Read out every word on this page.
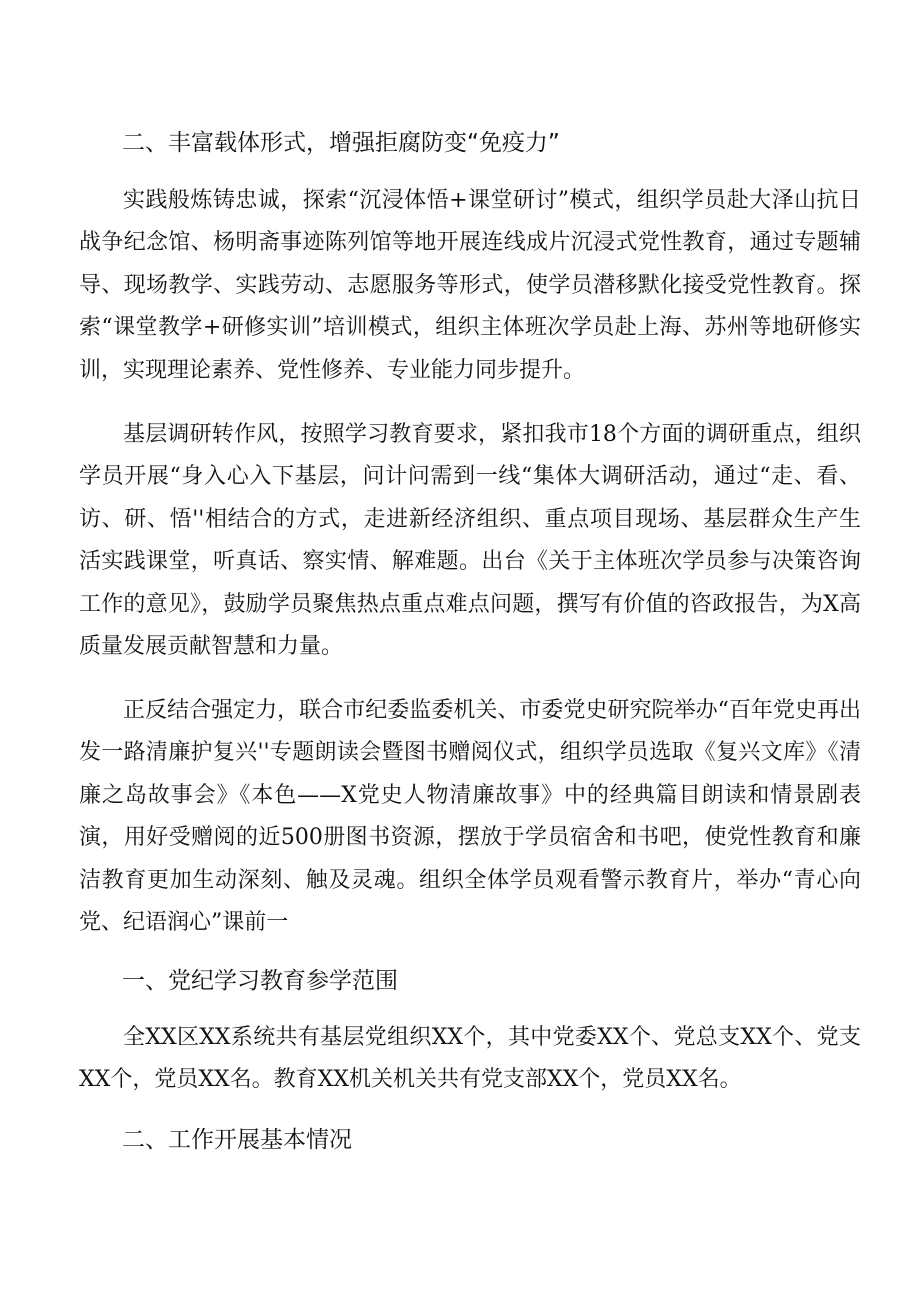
二、丰富载体形式，增强拒腐防变“免疫力”

实践般炼铸忠诚，探索“沉浸体悟+课堂研讨”模式，组织学员赴大泽山抗日战争纪念馆、杨明斋事迹陈列馆等地开展连线成片沉浸式党性教育，通过专题辅导、现场教学、实践劳动、志愿服务等形式，使学员潜移默化接受党性教育。探索“课堂教学+研修实训”培训模式，组织主体班次学员赴上海、苏州等地研修实训，实现理论素养、党性修养、专业能力同步提升。

基层调研转作风，按照学习教育要求，紧扣我市18个方面的调研重点，组织学员开展“身入心入下基层，问计问需到一线“集体大调研活动，通过“走、看、访、研、悟''相结合的方式，走进新经济组织、重点项目现场、基层群众生产生活实践课堂，听真话、察实情、解难题。出台《关于主体班次学员参与决策咨询工作的意见》，鼓励学员聚焦热点重点难点问题，撰写有价值的咨政报告，为X高质量发展贡献智慧和力量。

正反结合强定力，联合市纪委监委机关、市委党史研究院举办“百年党史再出发一路清廉护复兴''专题朗读会暨图书赠阅仪式，组织学员选取《复兴文库》《清廉之岛故事会》《本色——X党史人物清廉故事》中的经典篇目朗读和情景剧表演，用好受赠阅的近500册图书资源，摆放于学员宿舍和书吧，使党性教育和廉洁教育更加生动深刻、触及灵魂。组织全体学员观看警示教育片，举办“青心向党、纪语润心”课前一

一、党纪学习教育参学范围

全XX区XX系统共有基层党组织XX个，其中党委XX个、党总支XX个、党支XX个，党员XX名。教育XX机关机关共有党支部XX个，党员XX名。

二、工作开展基本情况
